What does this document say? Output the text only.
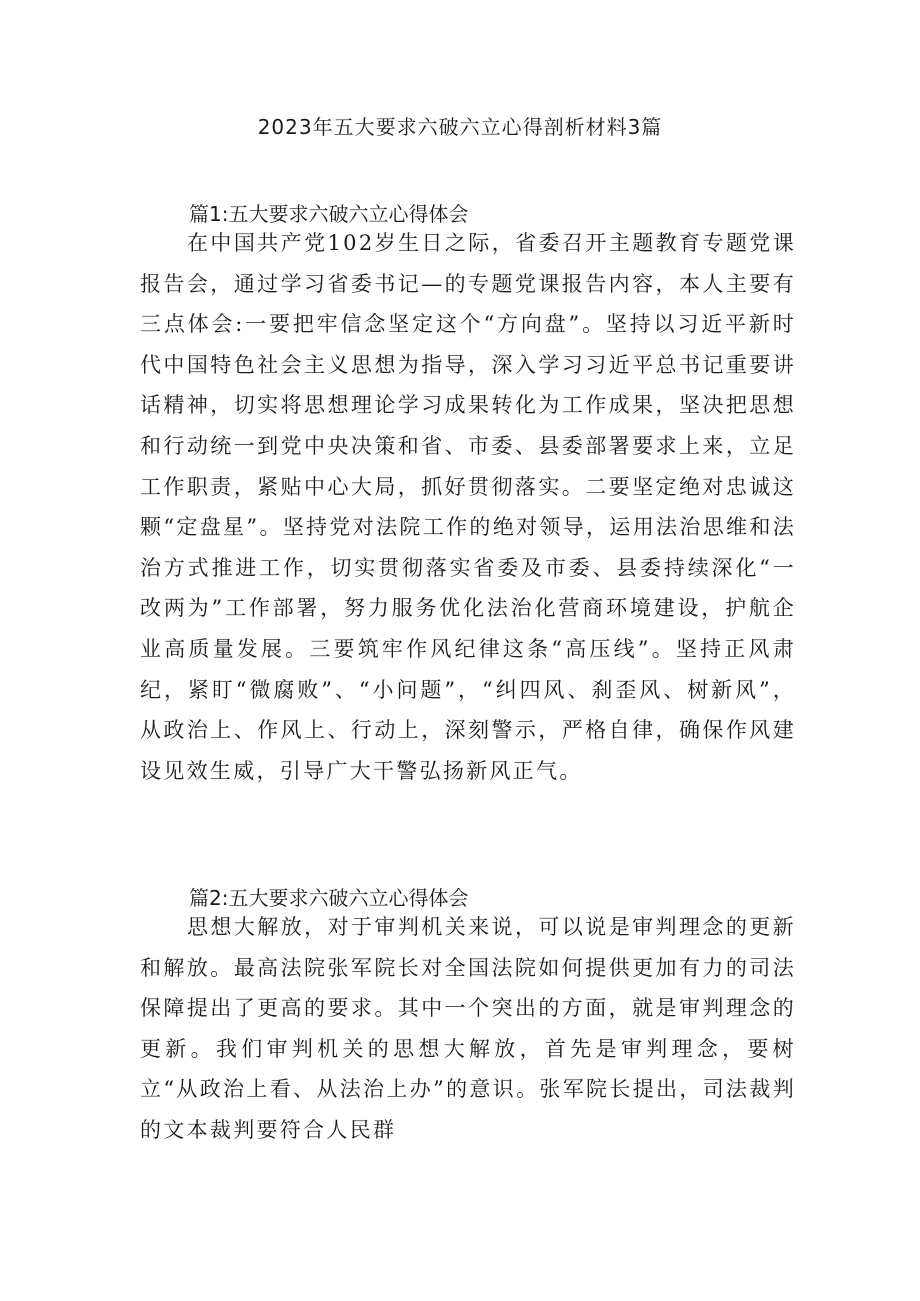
2023年五大要求六破六立心得剖析材料3篇
篇1:五大要求六破六立心得体会

在中国共产党102岁生日之际，省委召开主题教育专题党课报告会，通过学习省委书记—的专题党课报告内容，本人主要有三点体会:一要把牢信念坚定这个“方向盘”。坚持以习近平新时代中国特色社会主义思想为指导，深入学习习近平总书记重要讲话精神，切实将思想理论学习成果转化为工作成果，坚决把思想和行动统一到党中央决策和省、市委、县委部署要求上来，立足工作职责，紧贴中心大局，抓好贯彻落实。二要坚定绝对忠诚这颗“定盘星”。坚持党对法院工作的绝对领导，运用法治思维和法治方式推进工作，切实贯彻落实省委及市委、县委持续深化“一改两为”工作部署，努力服务优化法治化营商环境建设，护航企业高质量发展。三要筑牢作风纪律这条“高压线”。坚持正风肃纪，紧盯“微腐败”、“小问题”，“纠四风、刹歪风、树新风”，从政治上、作风上、行动上，深刻警示，严格自律，确保作风建设见效生威，引导广大干警弘扬新风正气。

篇2:五大要求六破六立心得体会

思想大解放，对于审判机关来说，可以说是审判理念的更新和解放。最高法院张军院长对全国法院如何提供更加有力的司法保障提出了更高的要求。其中一个突出的方面，就是审判理念的更新。我们审判机关的思想大解放，首先是审判理念，要树立“从政治上看、从法治上办”的意识。张军院长提出，司法裁判的文本裁判要符合人民群
